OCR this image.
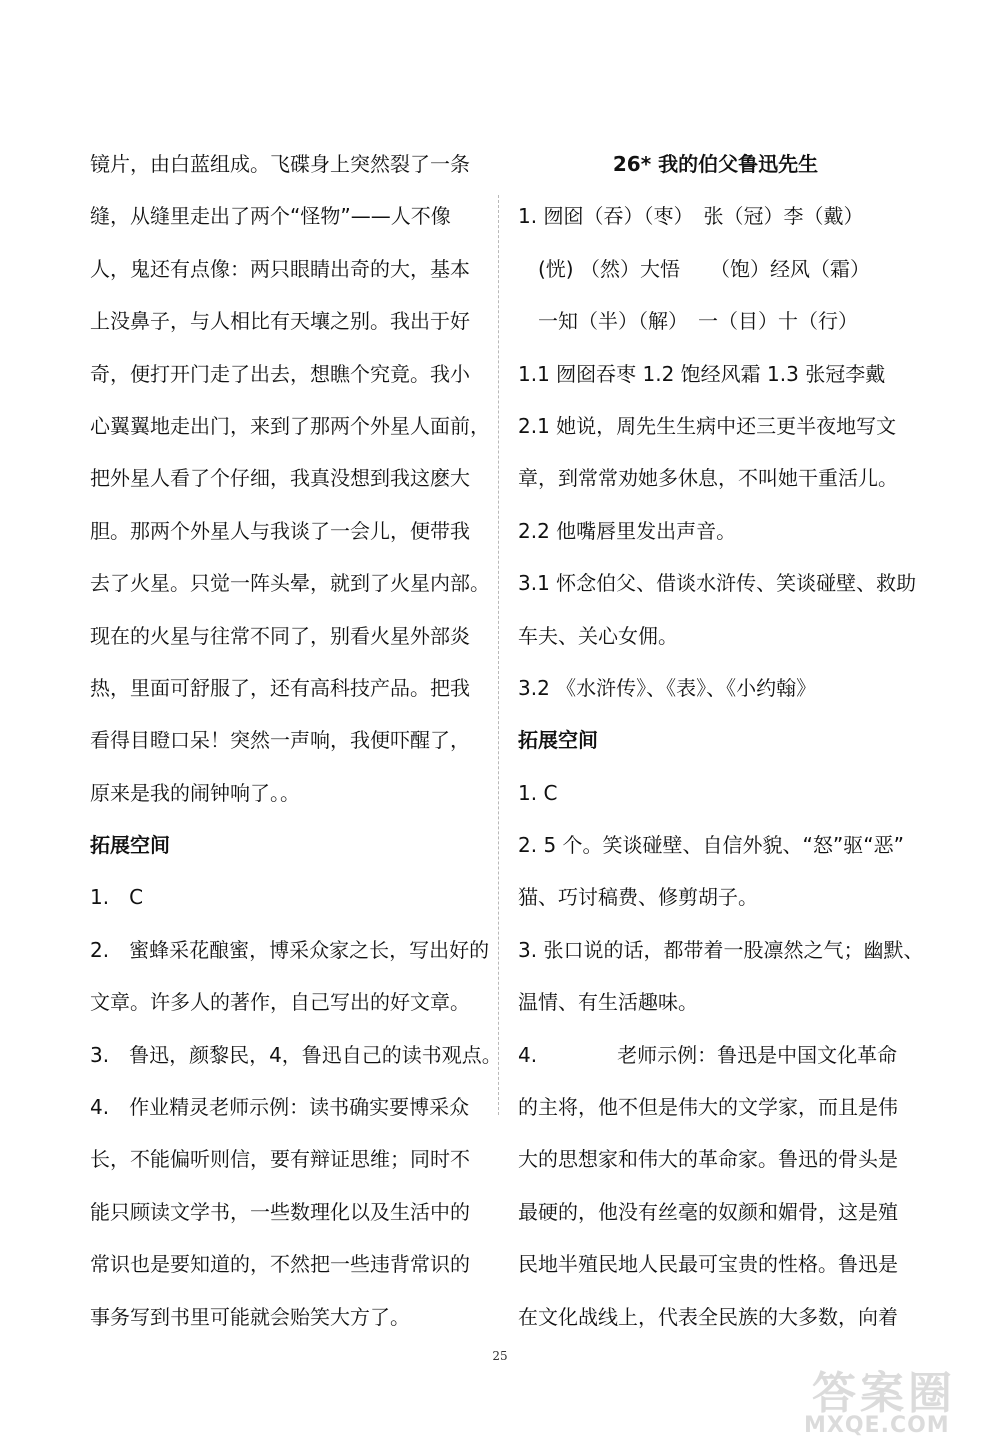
镜片，由白蓝组成。飞碟身上突然裂了一条
缝，从缝里走出了两个“怪物”——人不像
人，鬼还有点像：两只眼睛出奇的大，基本
上没鼻子，与人相比有天壤之别。我出于好
奇，便打开门走了出去，想瞧个究竟。我小
心翼翼地走出门，来到了那两个外星人面前，
把外星人看了个仔细，我真没想到我这麽大
胆。那两个外星人与我谈了一会儿，便带我
去了火星。只觉一阵头晕，就到了火星内部。
现在的火星与往常不同了，别看火星外部炎
热，里面可舒服了，还有高科技产品。把我
看得目瞪口呆！突然一声响，我便吓醒了，
原来是我的闹钟响了。。
拓展空间
1.　C
2.　蜜蜂采花酿蜜，博采众家之长，写出好的
文章。许多人的著作，自己写出的好文章。
3.　鲁迅，颜黎民，4，鲁迅自己的读书观点。
4.　作业精灵老师示例：读书确实要博采众
长，不能偏听则信，要有辩证思维；同时不
能只顾读文学书，一些数理化以及生活中的
常识也是要知道的，不然把一些违背常识的
事务写到书里可能就会贻笑大方了。
26* 我的伯父鲁迅先生
1. 囫囵（吞）（枣）　张（冠）李（戴）
(恍) （然）大悟　　（饱）经风（霜）
一知（半）（解）　一（目）十（行）
1.1 囫囵吞枣 1.2 饱经风霜 1.3 张冠李戴
2.1 她说，周先生生病中还三更半夜地写文
章，到常常劝她多休息，不叫她干重活儿。
2.2 他嘴唇里发出声音。
3.1 怀念伯父、借谈水浒传、笑谈碰壁、救助
车夫、关心女佣。
3.2 《水浒传》、《表》、《小约翰》
拓展空间
1. C
2. 5 个。笑谈碰壁、自信外貌、“怒”驱“恶”
猫、巧讨稿费、修剪胡子。
3. 张口说的话，都带着一股凛然之气；幽默、
温情、有生活趣味。
4.　　　　老师示例：鲁迅是中国文化革命
的主将，他不但是伟大的文学家，而且是伟
大的思想家和伟大的革命家。鲁迅的骨头是
最硬的，他没有丝毫的奴颜和媚骨，这是殖
民地半殖民地人民最可宝贵的性格。鲁迅是
在文化战线上，代表全民族的大多数，向着
25
答案圈
MXQE.COM
